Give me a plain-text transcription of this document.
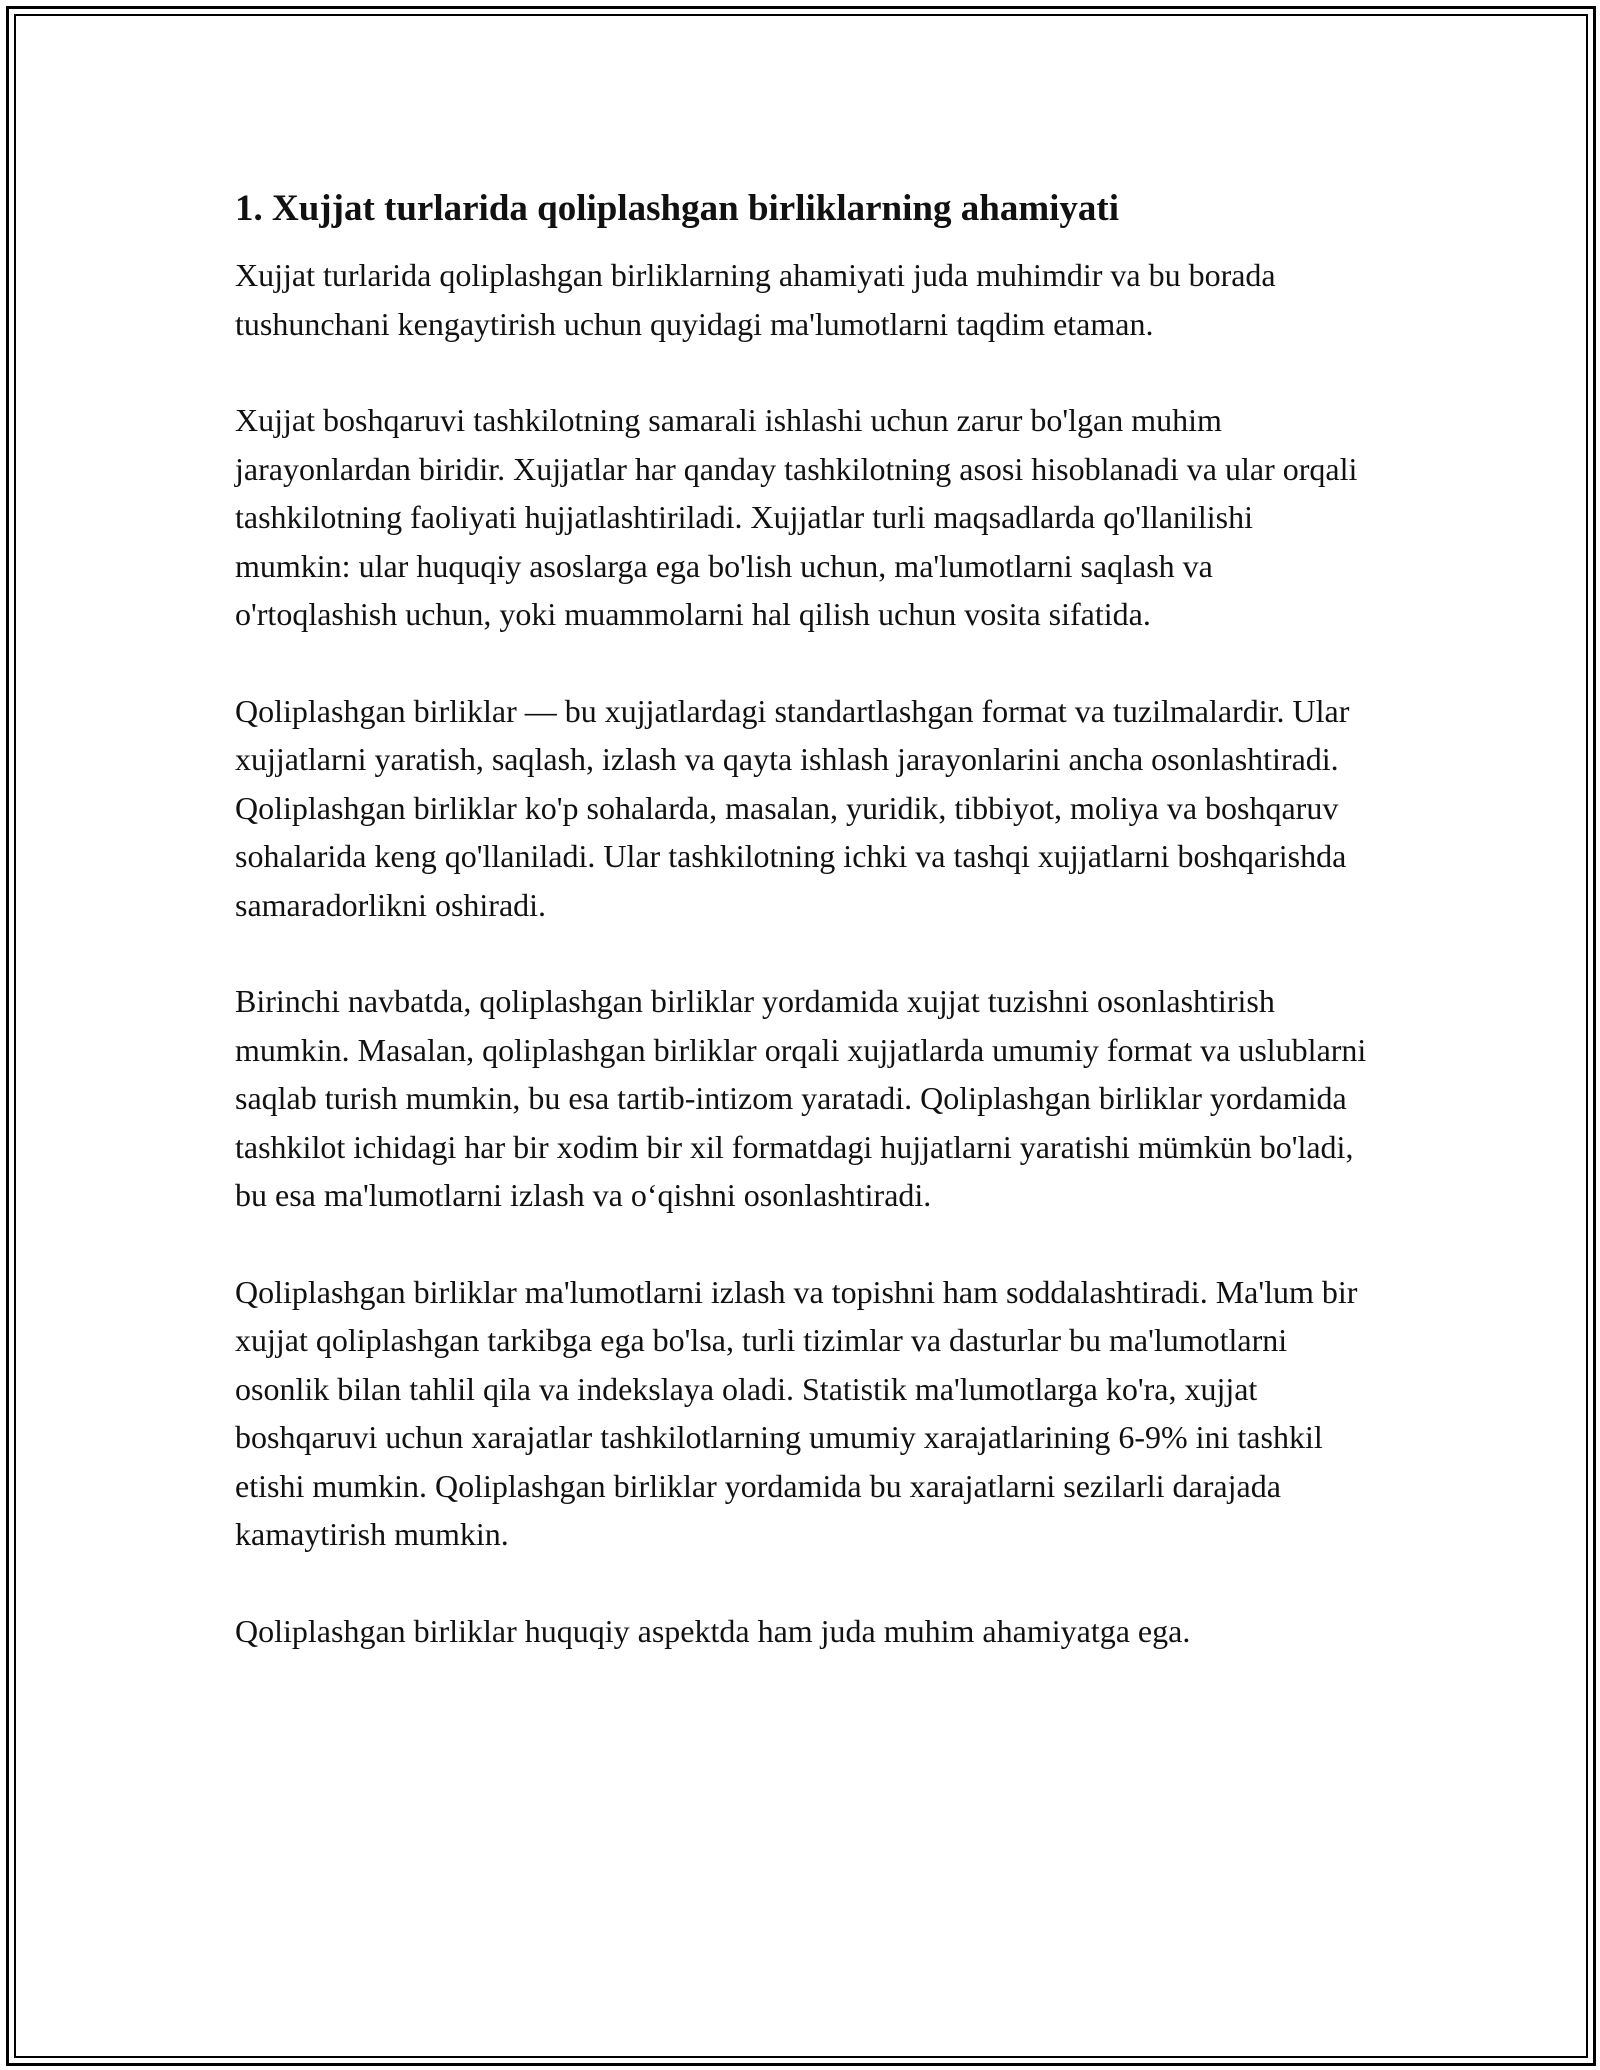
1. Xujjat turlarida qoliplashgan birliklarning ahamiyati

Xujjat turlarida qoliplashgan birliklarning ahamiyati juda muhimdir va bu borada tushunchani kengaytirish uchun quyidagi ma'lumotlarni taqdim etaman.

Xujjat boshqaruvi tashkilotning samarali ishlashi uchun zarur bo'lgan muhim jarayonlardan biridir. Xujjatlar har qanday tashkilotning asosi hisoblanadi va ular orqali tashkilotning faoliyati hujjatlashtiriladi. Xujjatlar turli maqsadlarda qo'llanilishi mumkin: ular huquqiy asoslarga ega bo'lish uchun, ma'lumotlarni saqlash va o'rtoqlashish uchun, yoki muammolarni hal qilish uchun vosita sifatida.

Qoliplashgan birliklar — bu xujjatlardagi standartlashgan format va tuzilmalardir. Ular xujjatlarni yaratish, saqlash, izlash va qayta ishlash jarayonlarini ancha osonlashtiradi. Qoliplashgan birliklar ko'p sohalarda, masalan, yuridik, tibbiyot, moliya va boshqaruv sohalarida keng qo'llaniladi. Ular tashkilotning ichki va tashqi xujjatlarni boshqarishda samaradorlikni oshiradi.

Birinchi navbatda, qoliplashgan birliklar yordamida xujjat tuzishni osonlashtirish mumkin. Masalan, qoliplashgan birliklar orqali xujjatlarda umumiy format va uslublarni saqlab turish mumkin, bu esa tartib-intizom yaratadi. Qoliplashgan birliklar yordamida tashkilot ichidagi har bir xodim bir xil formatdagi hujjatlarni yaratishi mümkün bo'ladi, bu esa ma'lumotlarni izlash va oʻqishni osonlashtiradi.

Qoliplashgan birliklar ma'lumotlarni izlash va topishni ham soddalashtiradi. Ma'lum bir xujjat qoliplashgan tarkibga ega bo'lsa, turli tizimlar va dasturlar bu ma'lumotlarni osonlik bilan tahlil qila va indekslaya oladi. Statistik ma'lumotlarga ko'ra, xujjat boshqaruvi uchun xarajatlar tashkilotlarning umumiy xarajatlarining 6-9% ini tashkil etishi mumkin. Qoliplashgan birliklar yordamida bu xarajatlarni sezilarli darajada kamaytirish mumkin.

Qoliplashgan birliklar huquqiy aspektda ham juda muhim ahamiyatga ega.
